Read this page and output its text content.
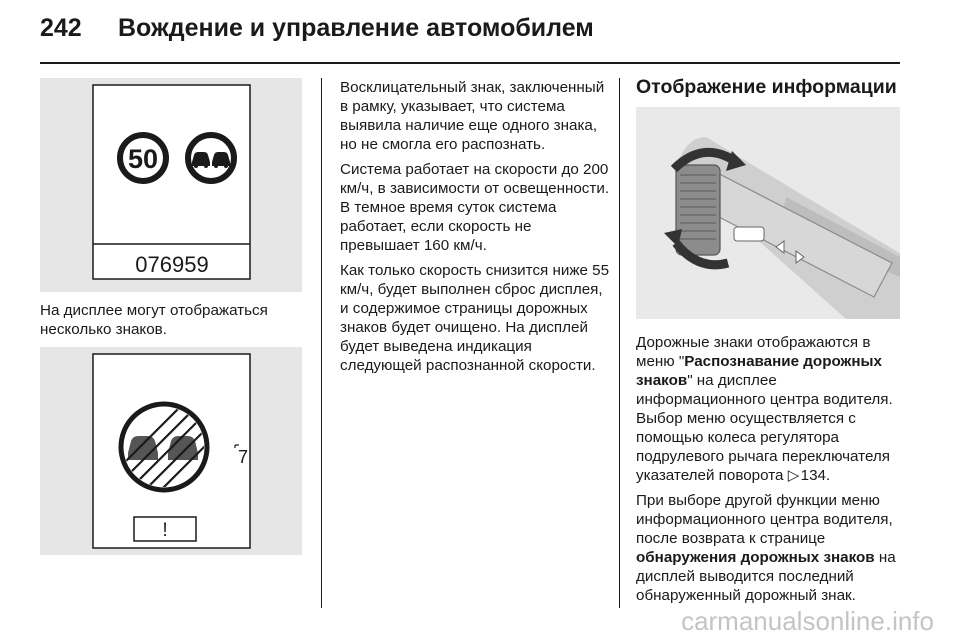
242 Вождение и управление автомобилем
50
076959

На дисплее могут отображаться несколько знаков.

7
!

Восклицательный знак, заключенный в рамку, указывает, что система выявила наличие еще одного знака, но не смогла его распознать.

Система работает на скорости до 200 км/ч, в зависимости от освещенности. В темное время суток система работает, если скорость не превышает 160 км/ч.

Как только скорость снизится ниже 55 км/ч, будет выполнен сброс дисплея, и содержимое страницы дорожных знаков будет очищено. На дисплей будет выведена индикация следующей распознанной скорости.

Отображение информации

Дорожные знаки отображаются в меню "Распознавание дорожных знаков" на дисплее информационного центра водителя. Выбор меню осуществляется с помощью колеса регулятора подрулевого рычага переключателя указателей поворота ▷ 134.

При выборе другой функции меню информационного центра водителя, после возврата к странице обнаружения дорожных знаков на дисплей выводится последний обнаруженный дорожный знак.

carmanualsonline.info
